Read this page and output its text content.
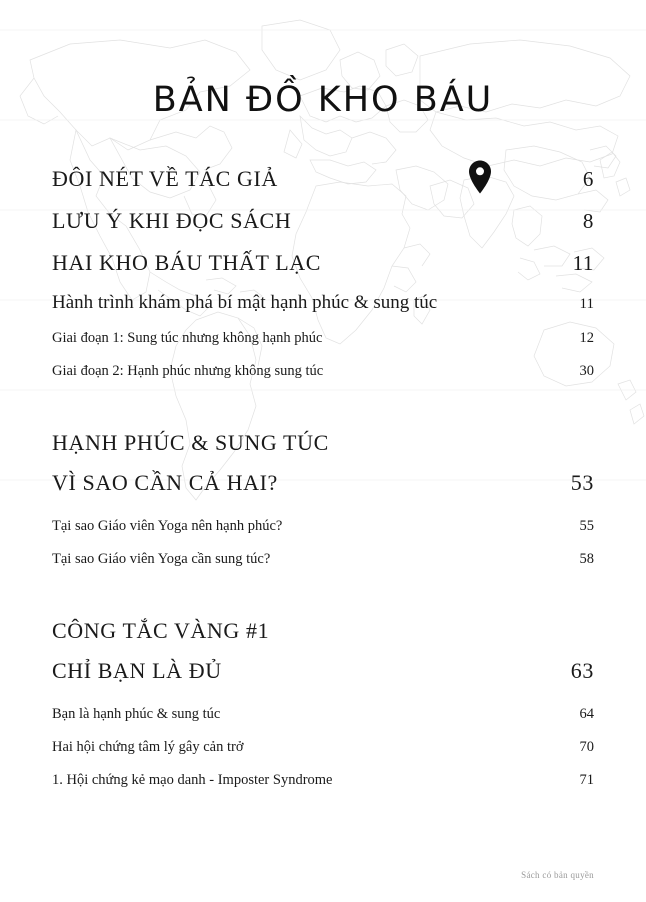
BẢN ĐỒ KHO BÁU
ĐÔI NÉT VỀ TÁC GIẢ	6
LƯU Ý KHI ĐỌC SÁCH	8
HAI KHO BÁU THẤT LẠC	11
Hành trình khám phá bí mật hạnh phúc & sung túc	11
Giai đoạn 1: Sung túc nhưng không hạnh phúc	12
Giai đoạn 2: Hạnh phúc nhưng không sung túc	30
HẠNH PHÚC & SUNG TÚC
VÌ SAO CẦN CẢ HAI?	53
Tại sao Giáo viên Yoga nên hạnh phúc?	55
Tại sao Giáo viên Yoga cần sung túc?	58
CÔNG TẮC VÀNG #1
CHỈ BẠN LÀ ĐỦ	63
Bạn là hạnh phúc & sung túc	64
Hai hội chứng tâm lý gây cản trở	70
1. Hội chứng kẻ mạo danh - Imposter Syndrome	71
Sách có bản quyền
